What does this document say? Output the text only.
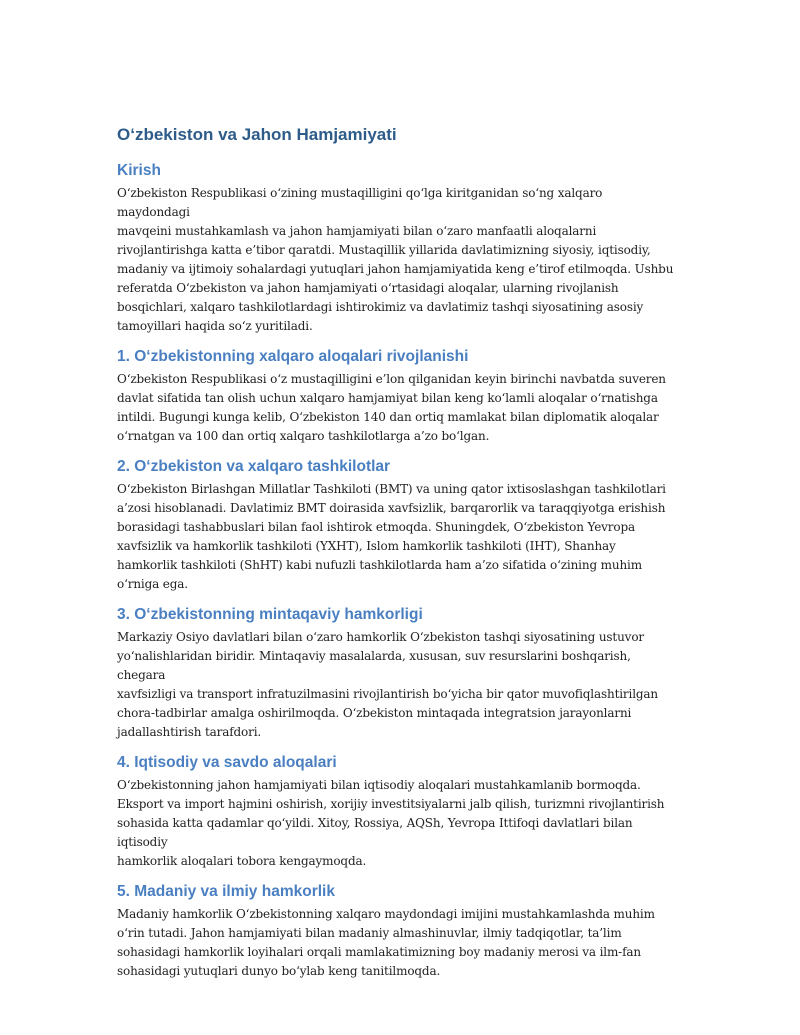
O‘zbekiston va Jahon Hamjamiyati
Kirish

O‘zbekiston Respublikasi o‘zining mustaqilligini qo‘lga kiritganidan so‘ng xalqaro maydondagi
mavqeini mustahkamlash va jahon hamjamiyati bilan o‘zaro manfaatli aloqalarni
rivojlantirishga katta e’tibor qaratdi. Mustaqillik yillarida davlatimizning siyosiy, iqtisodiy,
madaniy va ijtimoiy sohalardagi yutuqlari jahon hamjamiyatida keng e’tirof etilmoqda. Ushbu
referatda O‘zbekiston va jahon hamjamiyati o‘rtasidagi aloqalar, ularning rivojlanish
bosqichlari, xalqaro tashkilotlardagi ishtirokimiz va davlatimiz tashqi siyosatining asosiy
tamoyillari haqida so‘z yuritiladi.

1. O‘zbekistonning xalqaro aloqalari rivojlanishi

O‘zbekiston Respublikasi o‘z mustaqilligini e’lon qilganidan keyin birinchi navbatda suveren
davlat sifatida tan olish uchun xalqaro hamjamiyat bilan keng ko‘lamli aloqalar o‘rnatishga
intildi. Bugungi kunga kelib, O‘zbekiston 140 dan ortiq mamlakat bilan diplomatik aloqalar
o‘rnatgan va 100 dan ortiq xalqaro tashkilotlarga a’zo bo‘lgan.

2. O‘zbekiston va xalqaro tashkilotlar

O‘zbekiston Birlashgan Millatlar Tashkiloti (BMT) va uning qator ixtisoslashgan tashkilotlari
a’zosi hisoblanadi. Davlatimiz BMT doirasida xavfsizlik, barqarorlik va taraqqiyotga erishish
borasidagi tashabbuslari bilan faol ishtirok etmoqda. Shuningdek, O‘zbekiston Yevropa
xavfsizlik va hamkorlik tashkiloti (YXHT), Islom hamkorlik tashkiloti (IHT), Shanhay
hamkorlik tashkiloti (ShHT) kabi nufuzli tashkilotlarda ham a’zo sifatida o‘zining muhim
o‘rniga ega.

3. O‘zbekistonning mintaqaviy hamkorligi

Markaziy Osiyo davlatlari bilan o‘zaro hamkorlik O‘zbekiston tashqi siyosatining ustuvor
yo‘nalishlaridan biridir. Mintaqaviy masalalarda, xususan, suv resurslarini boshqarish, chegara
xavfsizligi va transport infratuzilmasini rivojlantirish bo‘yicha bir qator muvofiqlashtirilgan
chora-tadbirlar amalga oshirilmoqda. O‘zbekiston mintaqada integratsion jarayonlarni
jadallashtirish tarafdori.

4. Iqtisodiy va savdo aloqalari

O‘zbekistonning jahon hamjamiyati bilan iqtisodiy aloqalari mustahkamlanib bormoqda.
Eksport va import hajmini oshirish, xorijiy investitsiyalarni jalb qilish, turizmni rivojlantirish
sohasida katta qadamlar qo‘yildi. Xitoy, Rossiya, AQSh, Yevropa Ittifoqi davlatlari bilan iqtisodiy
hamkorlik aloqalari tobora kengaymoqda.

5. Madaniy va ilmiy hamkorlik

Madaniy hamkorlik O‘zbekistonning xalqaro maydondagi imijini mustahkamlashda muhim
o‘rin tutadi. Jahon hamjamiyati bilan madaniy almashinuvlar, ilmiy tadqiqotlar, ta’lim
sohasidagi hamkorlik loyihalari orqali mamlakatimizning boy madaniy merosi va ilm-fan
sohasidagi yutuqlari dunyo bo‘ylab keng tanitilmoqda.
